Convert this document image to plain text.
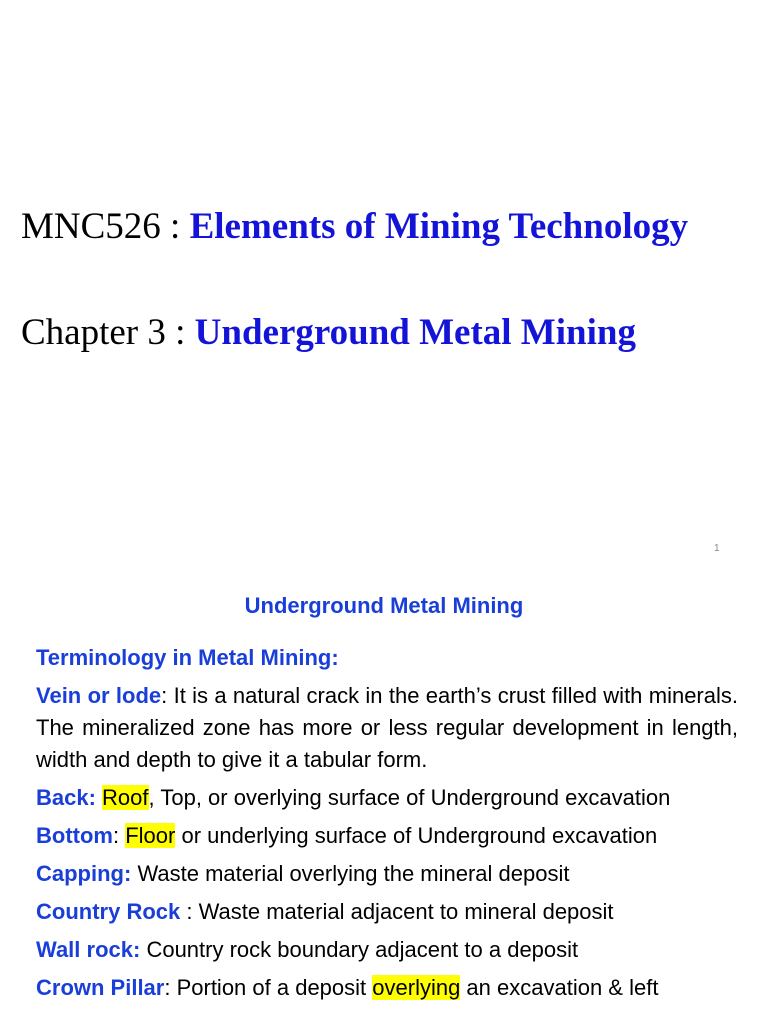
MNC526 : Elements of Mining Technology
Chapter 3 : Underground Metal Mining
1
Underground Metal Mining
Terminology in Metal Mining:
Vein or lode: It is a natural crack in the earth’s crust filled with minerals. The mineralized zone has more or less regular development in length, width and depth to give it a tabular form.
Back: Roof, Top, or overlying surface of Underground excavation
Bottom: Floor or underlying surface of Underground excavation
Capping: Waste material overlying the mineral deposit
Country Rock : Waste material adjacent to mineral deposit
Wall rock: Country rock boundary adjacent to a deposit
Crown Pillar: Portion of a deposit overlying an excavation & left
